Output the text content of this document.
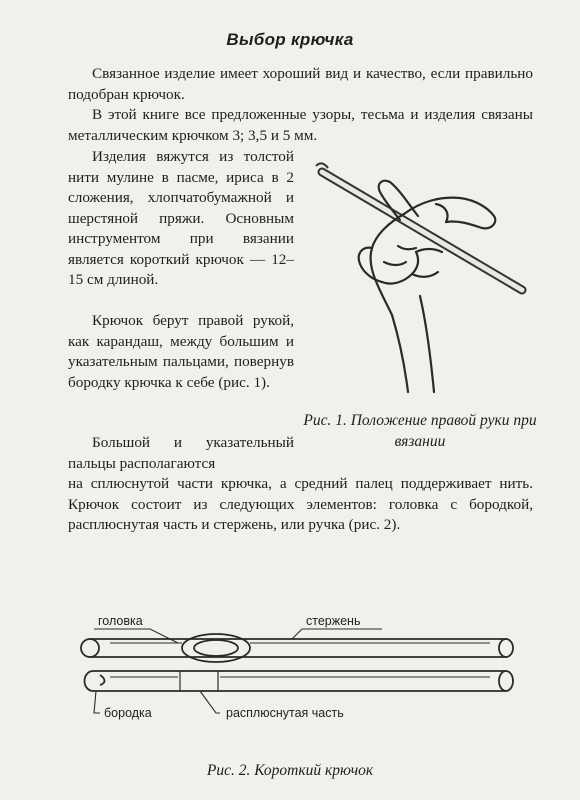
Выбор крючка

Связанное изделие имеет хороший вид и качество, если правильно подобран крючок.

В этой книге все предложенные узоры, тесьма и изделия связаны металлическим крючком 3; 3,5 и 5 мм.

Изделия вяжутся из толстой нити мулине в пасме, ириса в 2 сложения, хлопчатобумажной и шерстяной пряжи. Основным инструментом при вязании является короткий крючок — 12–15 см длиной.

Крючок берут правой рукой, как карандаш, между большим и указательным пальцами, повернув бородку крючка к себе (рис. 1).

Большой и указательный пальцы располагаются

на сплюснутой части крючка, а средний палец поддерживает нить. Крючок состоит из следующих элементов: головка с бородкой, расплюснутая часть и стержень, или ручка (рис. 2).

Рис. 1. Положение правой руки при вязании
головка	стержень
бородка	расплюснутая часть
Рис. 2. Короткий крючок
